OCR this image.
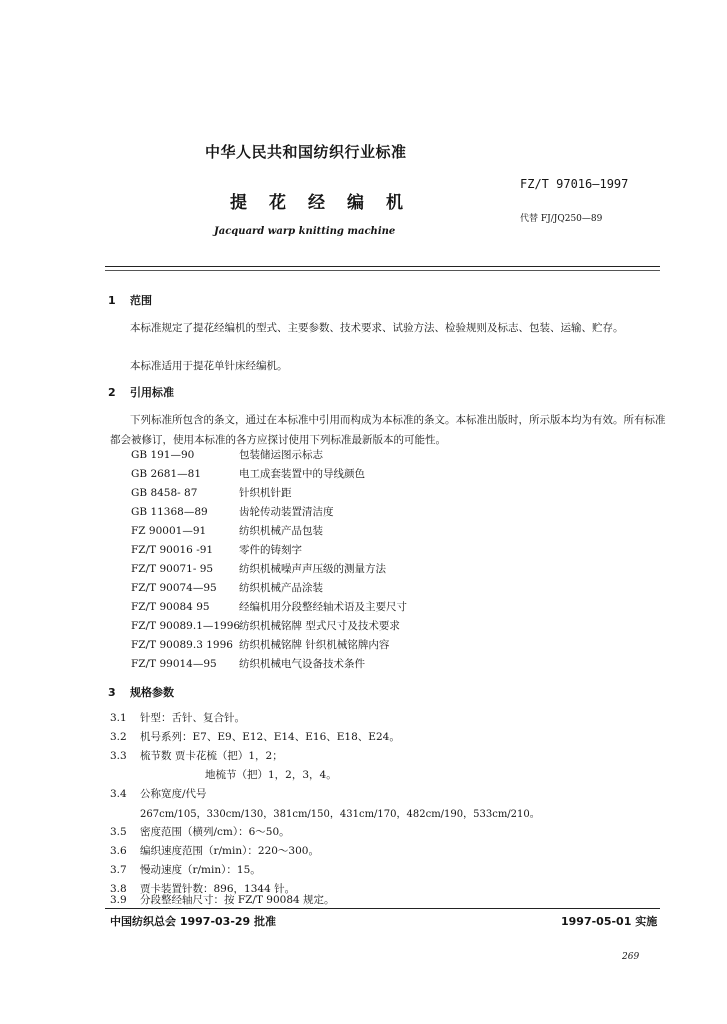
中华人民共和国纺织行业标准
提花经编机
Jacquard warp knitting machine
FZ/T 97016—1997
代替 FJ/JQ250—89
1 范围
本标准规定了提花经编机的型式、主要参数、技术要求、试验方法、检验规则及标志、包装、运输、贮存。
本标准适用于提花单针床经编机。
2 引用标准
下列标准所包含的条文，通过在本标准中引用而构成为本标准的条文。本标准出版时，所示版本均为有效。所有标准都会被修订，使用本标准的各方应探讨使用下列标准最新版本的可能性。
GB 191—90	包装储运图示标志
GB 2681—81	电工成套装置中的导线颜色
GB 8458- 87	针织机针距
GB 11368—89	齿轮传动装置清洁度
FZ 90001—91	纺织机械产品包装
FZ/T 90016 -91 零件的铸刻字
FZ/T 90071- 95 纺织机械噪声声压级的测量方法
FZ/T 90074—95 纺织机械产品涂装
FZ/T 90084 95	经编机用分段整经轴术语及主要尺寸
FZ/T 90089.1—1996纺织机械铭牌 型式尺寸及技术要求
FZ/T 90089.3 1996 纺织机械铭牌 针织机械铭牌内容
FZ/T 99014—95 纺织机械电气设备技术条件
3 规格参数
3.1 针型：舌针、复合针。
3.2 机号系列：E7、E9、E12、E14、E16、E18、E24。
3.3 梳节数 贾卡花梳（把）1，2；
地梳节（把）1，2，3，4。
3.4 公称宽度/代号
267cm/105，330cm/130，381cm/150，431cm/170，482cm/190，533cm/210。
3.5 密度范围（横列/cm）：6～50。
3.6 编织速度范围（r/min）：220～300。
3.7 慢动速度（r/min）：15。
3.8 贾卡装置针数：896，1344 针。
3.9 分段整经轴尺寸：按 FZ/T 90084 规定。
中国纺织总会 1997-03-29 批准	1997-05-01 实施
269
